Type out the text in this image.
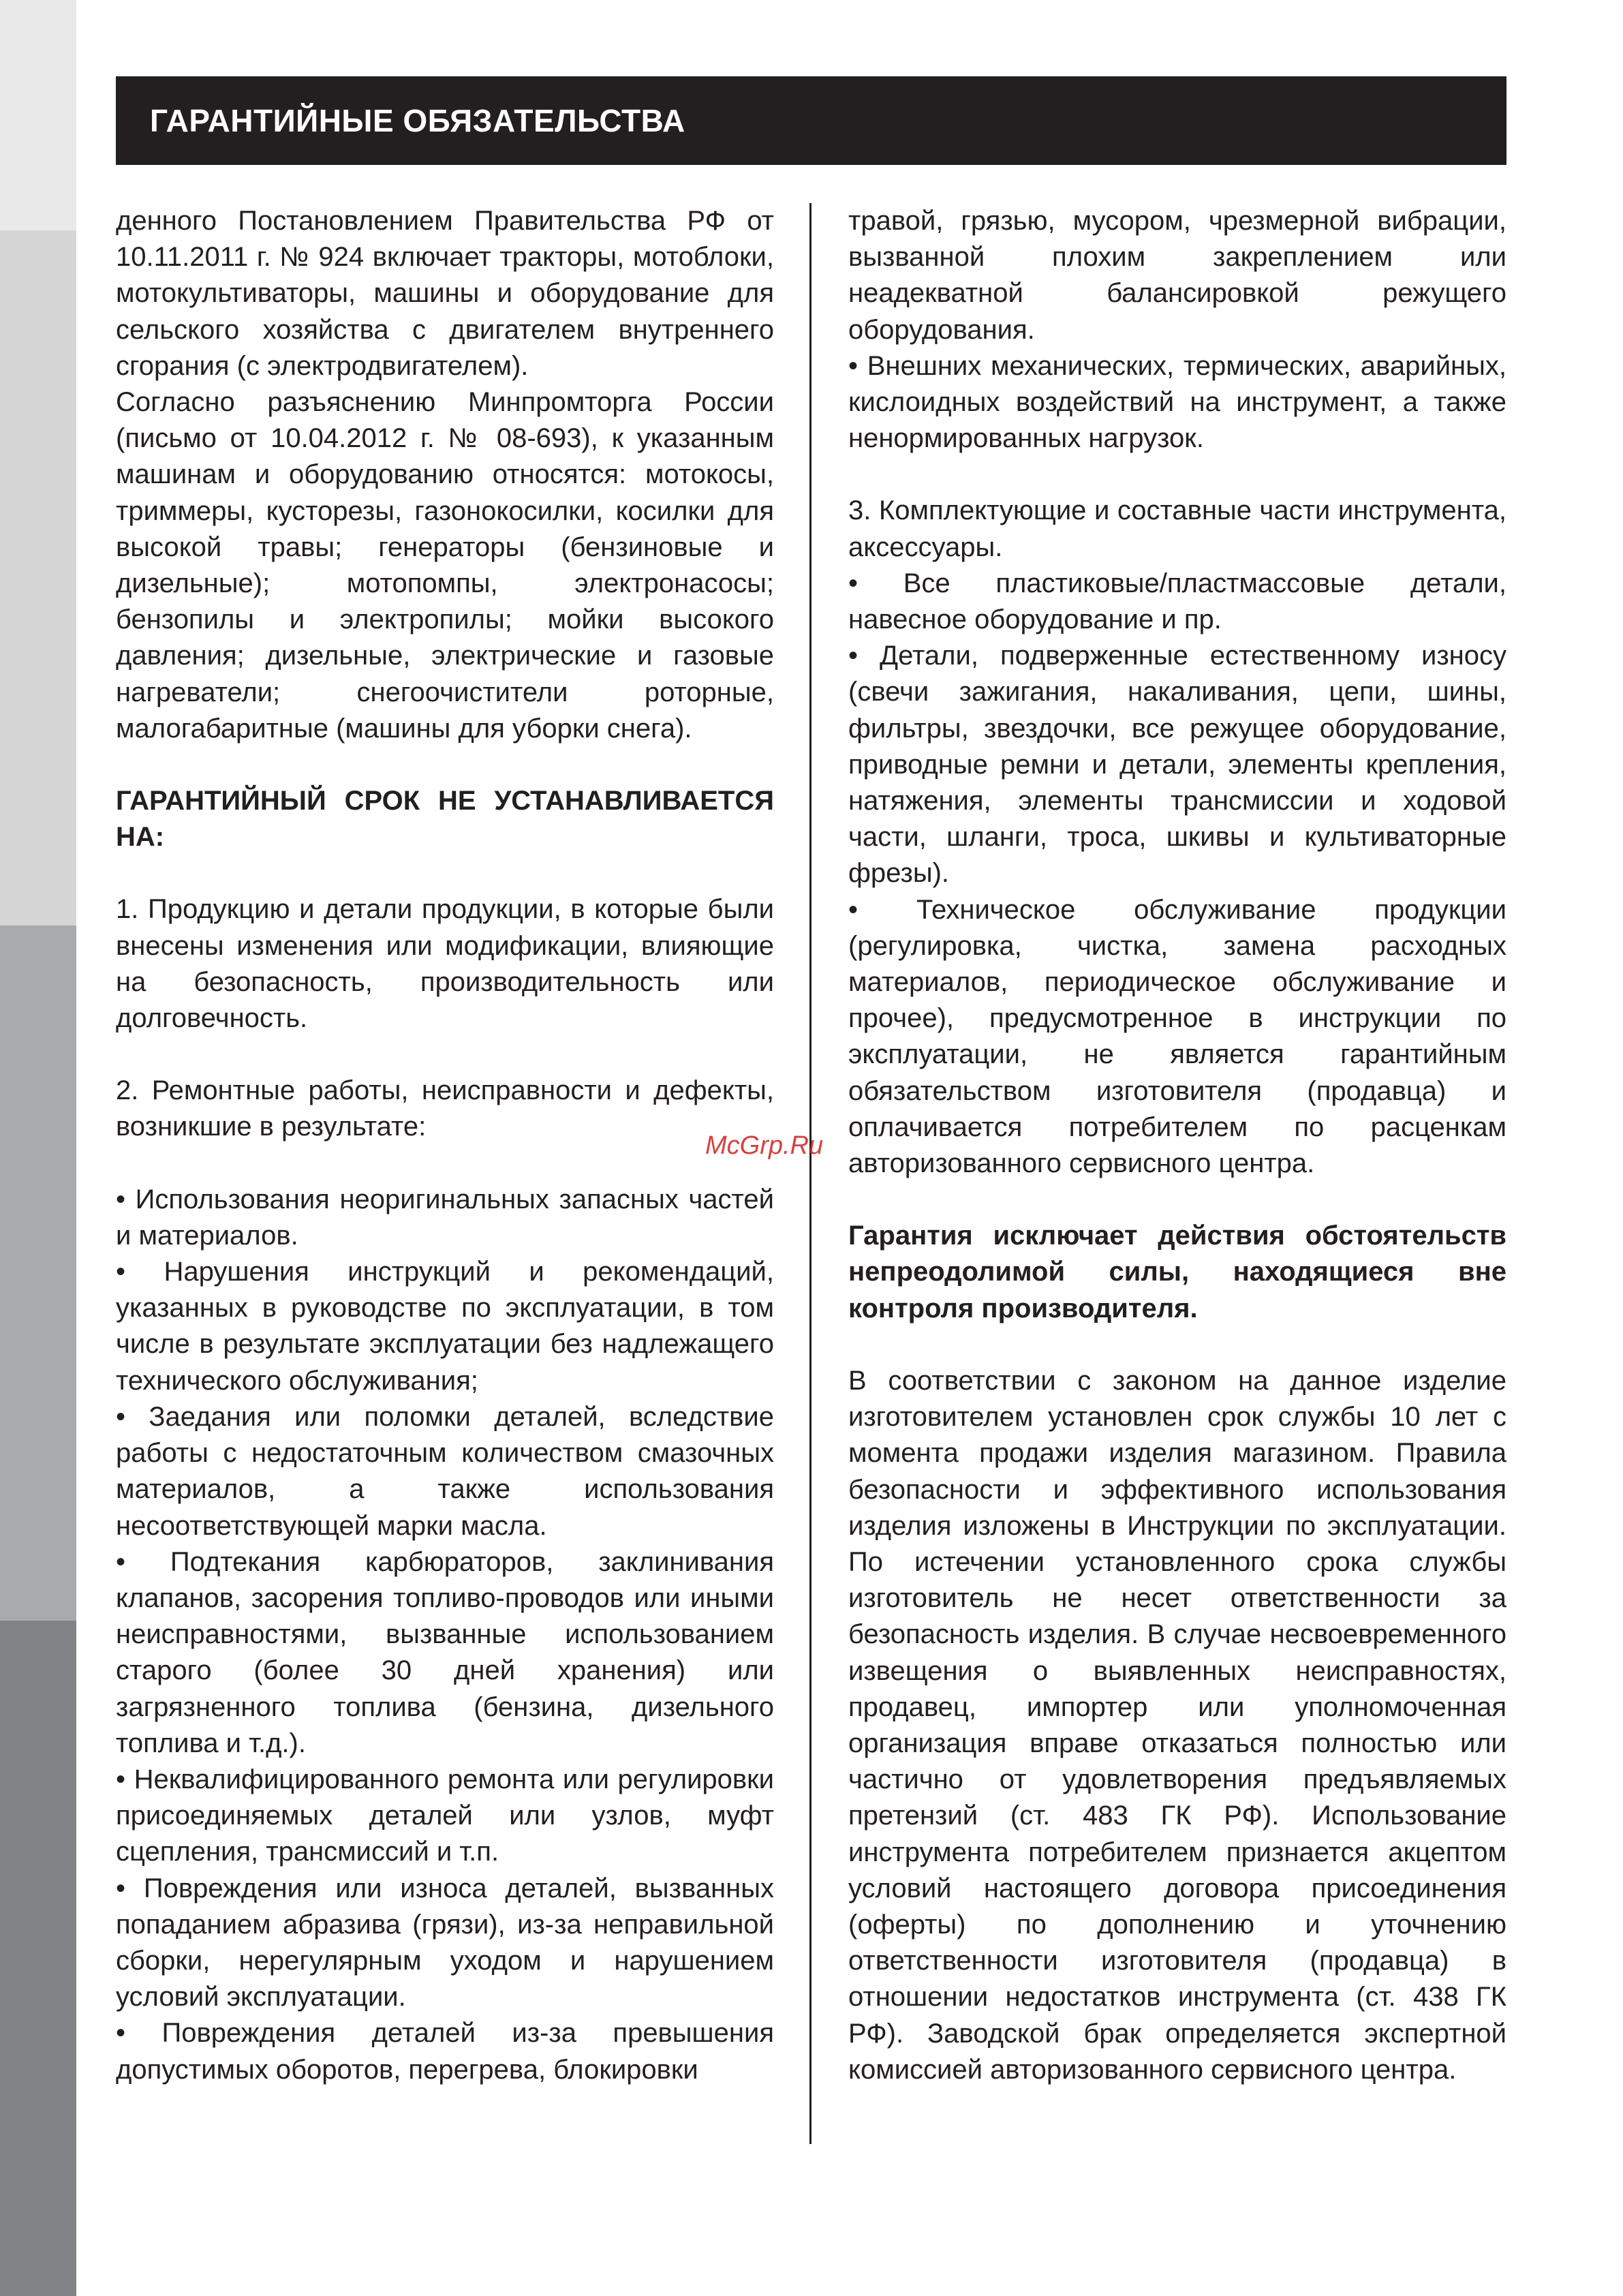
ГАРАНТИЙНЫЕ ОБЯЗАТЕЛЬСТВА

денного Постановлением Правительства РФ от 10.11.2011 г. № 924 включает тракторы, мотоблоки, мотокультиваторы, машины и оборудование для сельского хозяйства с двигателем внутреннего сгорания (с электродвигателем).

Согласно разъяснению Минпромторга России (письмо от 10.04.2012 г. № 08-693), к указанным машинам и оборудованию относятся: мотокосы, триммеры, кусторезы, газонокосилки, косилки для высокой травы; генераторы (бензиновые и дизельные); мотопомпы, электронасосы; бензопилы и электропилы; мойки высокого давления; дизельные, электрические и газовые нагреватели; снегоочистители роторные, малогабаритные (машины для уборки снега).

ГАРАНТИЙНЫЙ СРОК НЕ УСТАНАВЛИВАЕТСЯ НА:

1. Продукцию и детали продукции, в которые были внесены изменения или модификации, влияющие на безопасность, производительность или долговечность.

2. Ремонтные работы, неисправности и дефекты, возникшие в результате:

• Использования неоригинальных запасных частей и материалов.

• Нарушения инструкций и рекомендаций, указанных в руководстве по эксплуатации, в том числе в результате эксплуатации без надлежащего технического обслуживания;

• Заедания или поломки деталей, вследствие работы с недостаточным количеством смазочных материалов, а также использования несоответствующей марки масла.

• Подтекания карбюраторов, заклинивания клапанов, засорения топливо-проводов или иными неисправностями, вызванные использованием старого (более 30 дней хранения) или загрязненного топлива (бензина, дизельного топлива и т.д.).

• Неквалифицированного ремонта или регулировки присоединяемых деталей или узлов, муфт сцепления, трансмиссий и т.п.

• Повреждения или износа деталей, вызванных попаданием абразива (грязи), из-за неправильной сборки, нерегулярным уходом и нарушением условий эксплуатации.

• Повреждения деталей из-за превышения допустимых оборотов, перегрева, блокировки

травой, грязью, мусором, чрезмерной вибрации, вызванной плохим закреплением или неадекватной балансировкой режущего оборудования.

• Внешних механических, термических, аварийных, кислоидных воздействий на инструмент, а также ненормированных нагрузок.

3. Комплектующие и составные части инструмента, аксессуары.

• Все пластиковые/пластмассовые детали, навесное оборудование и пр.

• Детали, подверженные естественному износу (свечи зажигания, накаливания, цепи, шины, фильтры, звездочки, все режущее оборудование, приводные ремни и детали, элементы крепления, натяжения, элементы трансмиссии и ходовой части, шланги, троса, шкивы и культиваторные фрезы).

• Техническое обслуживание продукции (регулировка, чистка, замена расходных материалов, периодическое обслуживание и прочее), предусмотренное в инструкции по эксплуатации, не является гарантийным обязательством изготовителя (продавца) и оплачивается потребителем по расценкам авторизованного сервисного центра.

Гарантия исключает действия обстоятельств непреодолимой силы, находящиеся вне контроля производителя.

В соответствии с законом на данное изделие изготовителем установлен срок службы 10 лет с момента продажи изделия магазином. Правила безопасности и эффективного использования изделия изложены в Инструкции по эксплуатации. По истечении установленного срока службы изготовитель не несет ответственности за безопасность изделия. В случае несвоевременного извещения о выявленных неисправностях, продавец, импортер или уполномоченная организация вправе отказаться полностью или частично от удовлетворения предъявляемых претензий (ст. 483 ГК РФ). Использование инструмента потребителем признается акцептом условий настоящего договора присоединения (оферты) по дополнению и уточнению ответственности изготовителя (продавца) в отношении недостатков инструмента (ст. 438 ГК РФ). Заводской брак определяется экспертной комиссией авторизованного сервисного центра.

McGrp.Ru
